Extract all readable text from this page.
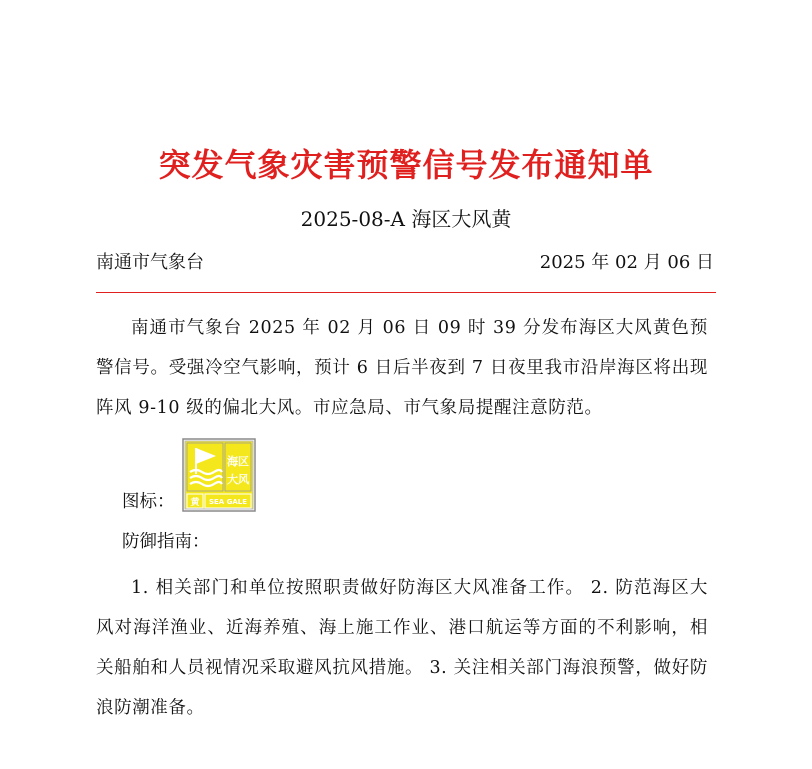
突发气象灾害预警信号发布通知单
2025-08-A 海区大风黄
南通市气象台	2025 年 02 月 06 日
南通市气象台 2025 年 02 月 06 日 09 时 39 分发布海区大风黄色预警信号。受强冷空气影响，预计 6 日后半夜到 7 日夜里我市沿岸海区将出现阵风 9-10 级的偏北大风。市应急局、市气象局提醒注意防范。
图标：
海区
大风
黄 SEA GALE
防御指南：
1. 相关部门和单位按照职责做好防海区大风准备工作。 2. 防范海区大风对海洋渔业、近海养殖、海上施工作业、港口航运等方面的不利影响，相关船舶和人员视情况采取避风抗风措施。 3. 关注相关部门海浪预警，做好防浪防潮准备。
